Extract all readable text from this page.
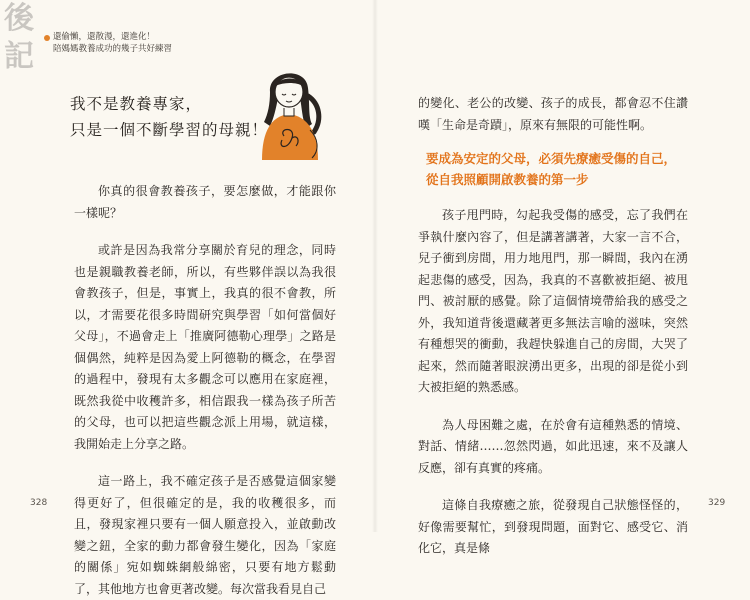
後
記
還偷懶，還散漫，還進化！
陪媽媽教養成功的幾子共好練習
我不是教養專家，
只是一個不斷學習的母親！

你真的很會教養孩子，要怎麼做，才能跟你一樣呢？

或許是因為我常分享關於育兒的理念，同時也是親職教養老師，所以，有些夥伴誤以為我很會教孩子，但是，事實上，我真的很不會教，所以，才需要花很多時間研究與學習「如何當個好父母」，不過會走上「推廣阿德勒心理學」之路是個偶然，純粹是因為愛上阿德勒的概念，在學習的過程中，發現有太多觀念可以應用在家庭裡，既然我從中收穫許多，相信跟我一樣為孩子所苦的父母，也可以把這些觀念派上用場，就這樣，我開始走上分享之路。

這一路上，我不確定孩子是否感覺這個家變得更好了，但很確定的是，我的收穫很多，而且，發現家裡只要有一個人願意投入，並啟動改變之鈕，全家的動力都會發生變化，因為「家庭的關係」宛如蜘蛛網般綿密，只要有地方鬆動了，其他地方也會更著改變。每次當我看見自己

328

的變化、老公的改變、孩子的成長，都會忍不住讚嘆「生命是奇蹟」，原來有無限的可能性啊。

要成為安定的父母，必須先療癒受傷的自己，
從自我照顧開啟教養的第一步

孩子甩門時，勾起我受傷的感受，忘了我們在爭執什麼內容了，但是講著講著，大家一言不合，兒子衝到房間，用力地甩門，那一瞬間，我內在湧起悲傷的感受，因為，我真的不喜歡被拒絕、被甩門、被討厭的感覺。除了這個情境帶給我的感受之外，我知道背後還藏著更多無法言喻的滋味，突然有種想哭的衝動，我趕快躲進自己的房間，大哭了起來，然而隨著眼淚湧出更多，出現的卻是從小到大被拒絕的熟悉感。

為人母困難之處，在於會有這種熟悉的情境、對話、情緒……忽然閃過，如此迅速，來不及讓人反應，卻有真實的疼痛。

這條自我療癒之旅，從發現自己狀態怪怪的，好像需要幫忙，到發現問題，面對它、感受它、消化它，真是條

329
